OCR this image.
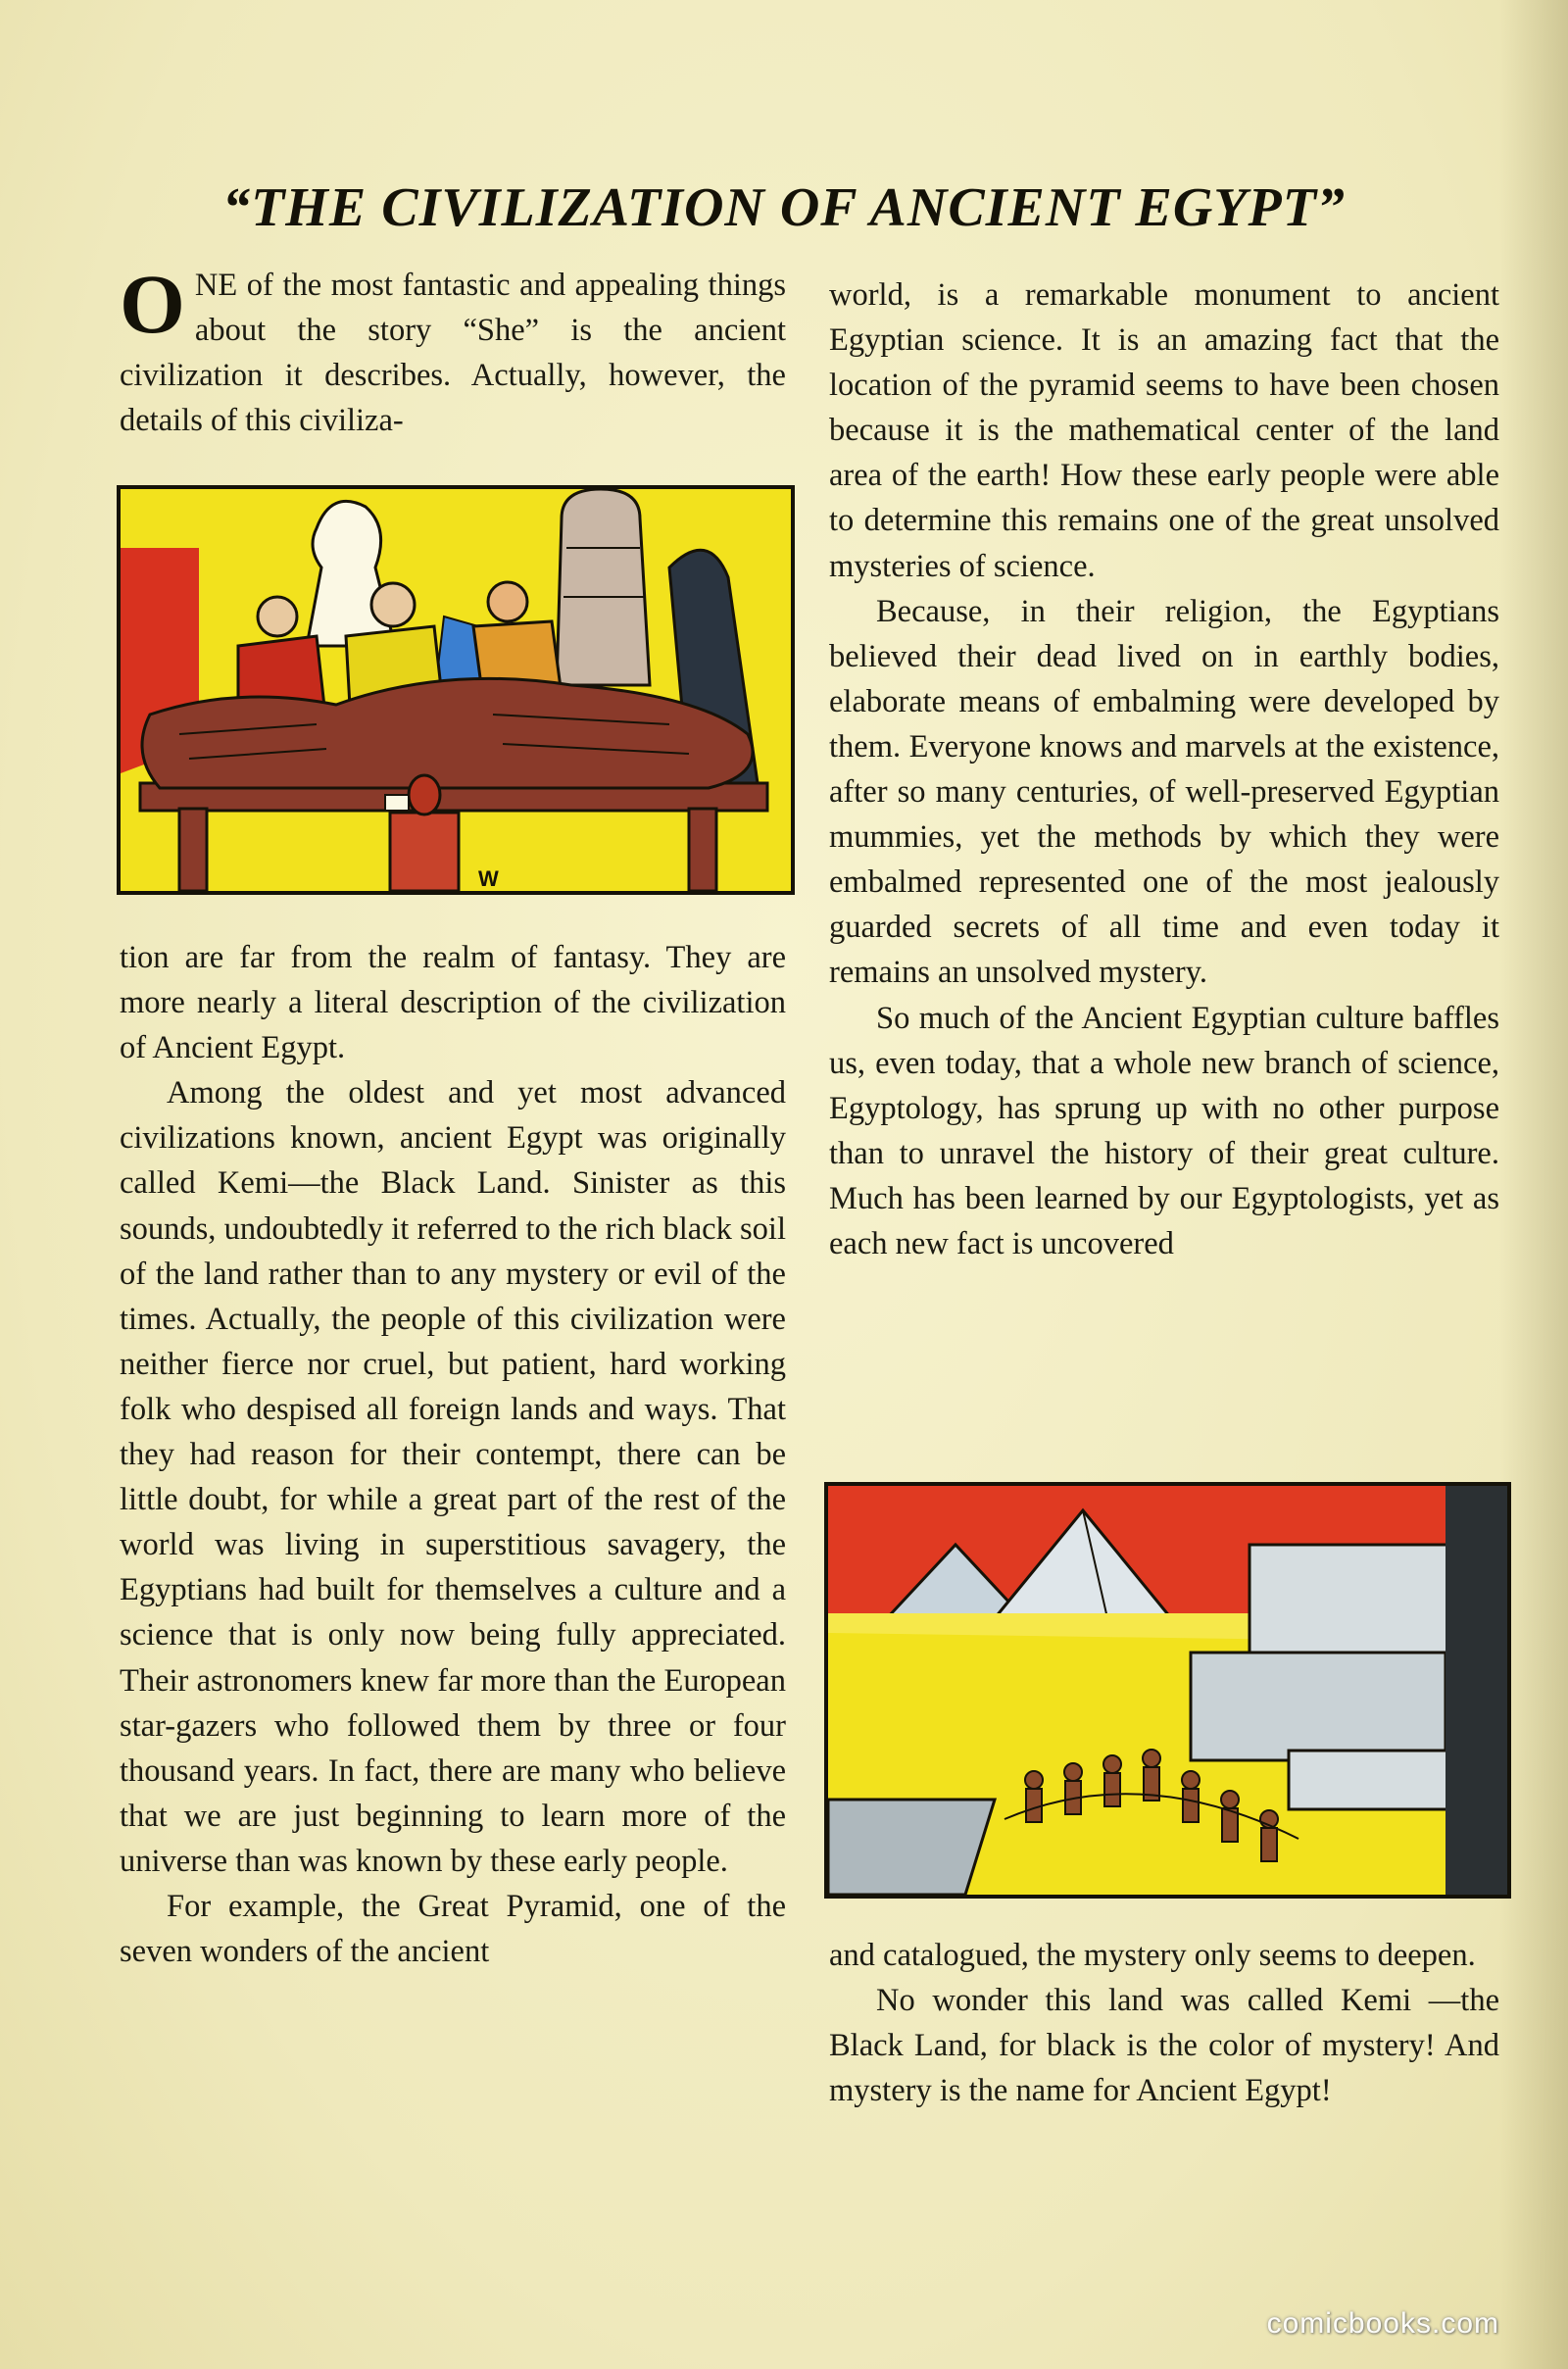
“THE CIVILIZATION OF ANCIENT EGYPT”

ONE of the most fantastic and appealing things about the story “She” is the ancient civilization it describes. Actually, however, the details of this civiliza-

W

tion are far from the realm of fantasy. They are more nearly a literal description of the civilization of Ancient Egypt.

Among the oldest and yet most advanced civilizations known, ancient Egypt was originally called Kemi—the Black Land. Sinister as this sounds, undoubtedly it referred to the rich black soil of the land rather than to any mystery or evil of the times. Actually, the people of this civilization were neither fierce nor cruel, but patient, hard working folk who despised all foreign lands and ways. That they had reason for their contempt, there can be little doubt, for while a great part of the rest of the world was living in superstitious savagery, the Egyptians had built for themselves a culture and a science that is only now being fully appreciated. Their astronomers knew far more than the European star-gazers who followed them by three or four thousand years. In fact, there are many who believe that we are just beginning to learn more of the universe than was known by these early people.

For example, the Great Pyramid, one of the seven wonders of the ancient

world, is a remarkable monument to ancient Egyptian science. It is an amazing fact that the location of the pyramid seems to have been chosen because it is the mathematical center of the land area of the earth! How these early people were able to determine this remains one of the great unsolved mysteries of science.

Because, in their religion, the Egyptians believed their dead lived on in earthly bodies, elaborate means of embalming were developed by them. Everyone knows and marvels at the existence, after so many centuries, of well-preserved Egyptian mummies, yet the methods by which they were embalmed represented one of the most jealously guarded secrets of all time and even today it remains an unsolved mystery.

So much of the Ancient Egyptian culture baffles us, even today, that a whole new branch of science, Egyptology, has sprung up with no other purpose than to unravel the history of their great culture. Much has been learned by our Egyptologists, yet as each new fact is uncovered

and catalogued, the mystery only seems to deepen.

No wonder this land was called Kemi —the Black Land, for black is the color of mystery! And mystery is the name for Ancient Egypt!

comicbooks.com
